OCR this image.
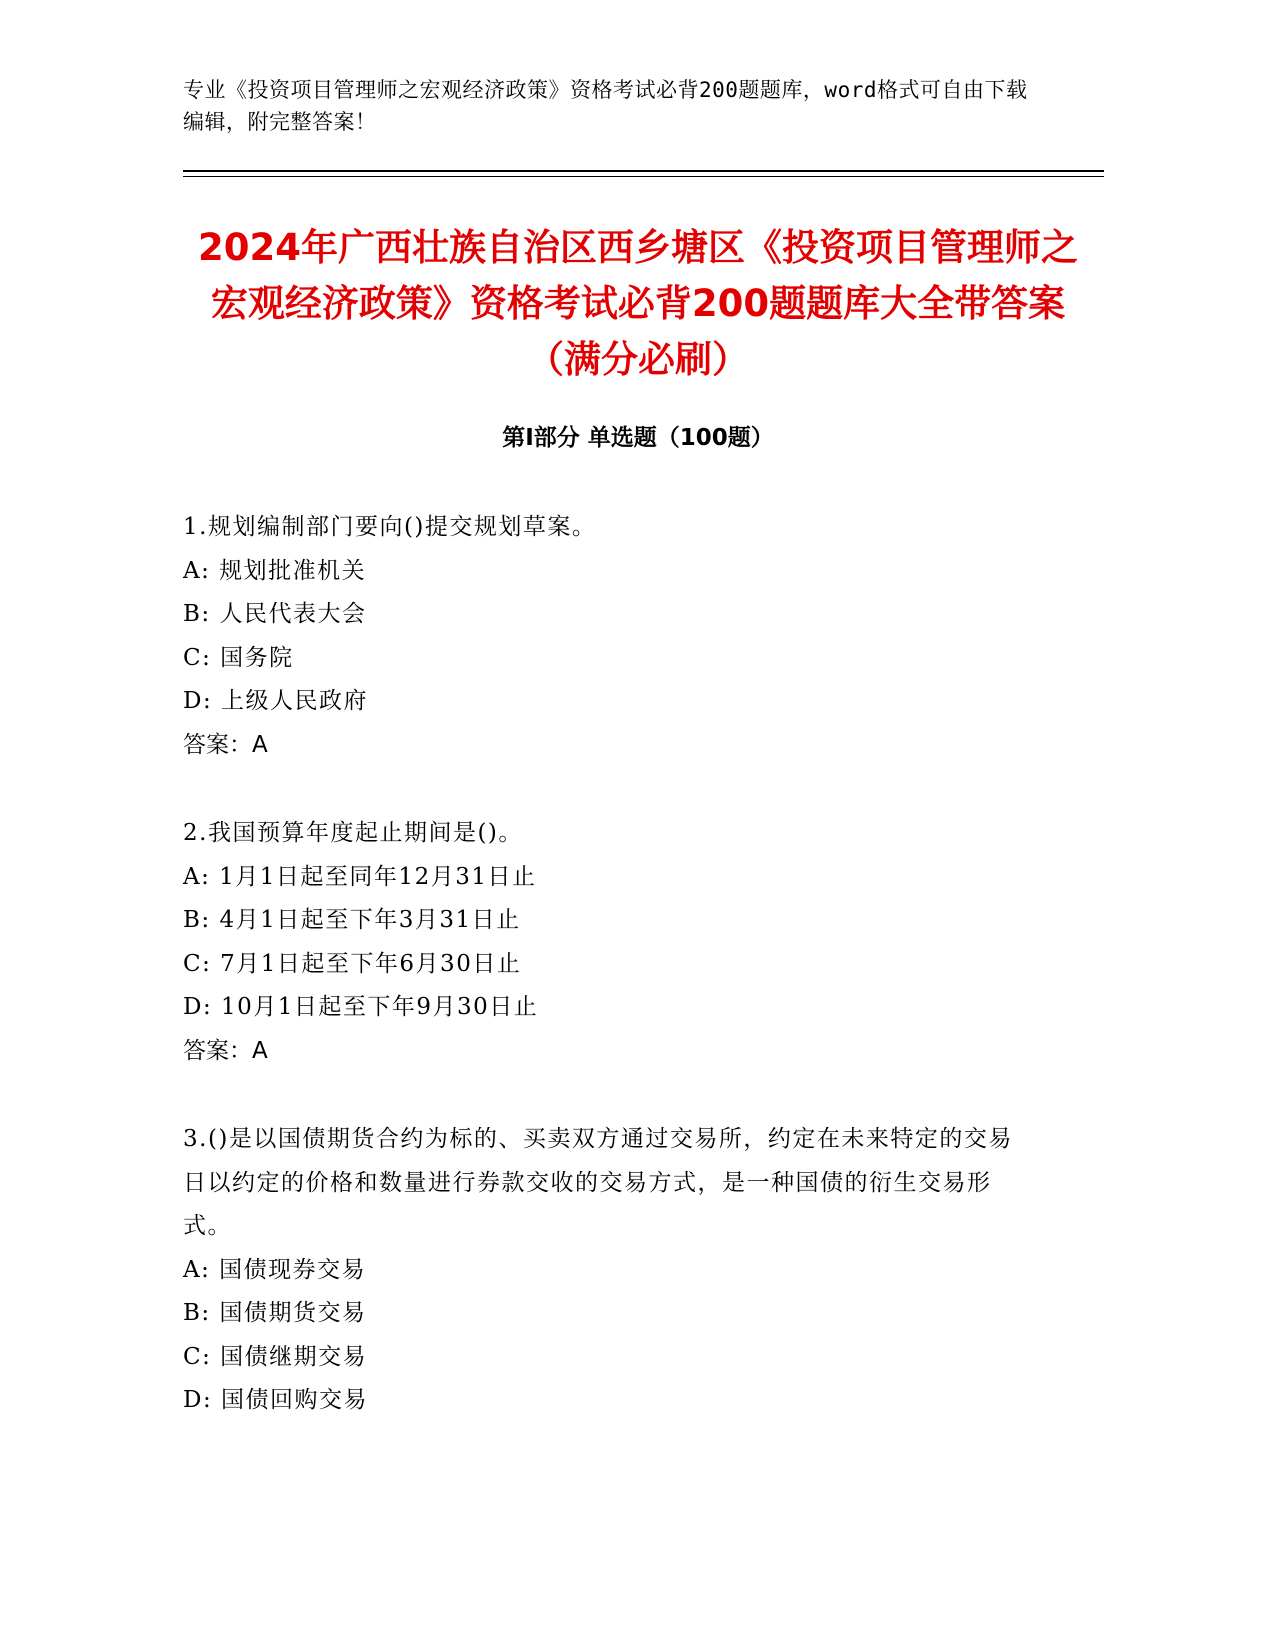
专业《投资项目管理师之宏观经济政策》资格考试必背200题题库，word格式可自由下载编辑，附完整答案！
2024年广西壮族自治区西乡塘区《投资项目管理师之宏观经济政策》资格考试必背200题题库大全带答案（满分必刷）
第I部分 单选题（100题）
1.规划编制部门要向()提交规划草案。
A: 规划批准机关
B: 人民代表大会
C: 国务院
D: 上级人民政府
答案：A
2.我国预算年度起止期间是()。
A: 1月1日起至同年12月31日止
B: 4月1日起至下年3月31日止
C: 7月1日起至下年6月30日止
D: 10月1日起至下年9月30日止
答案：A
3.()是以国债期货合约为标的、买卖双方通过交易所，约定在未来特定的交易日以约定的价格和数量进行券款交收的交易方式，是一种国债的衍生交易形式。
A: 国债现券交易
B: 国债期货交易
C: 国债继期交易
D: 国债回购交易
